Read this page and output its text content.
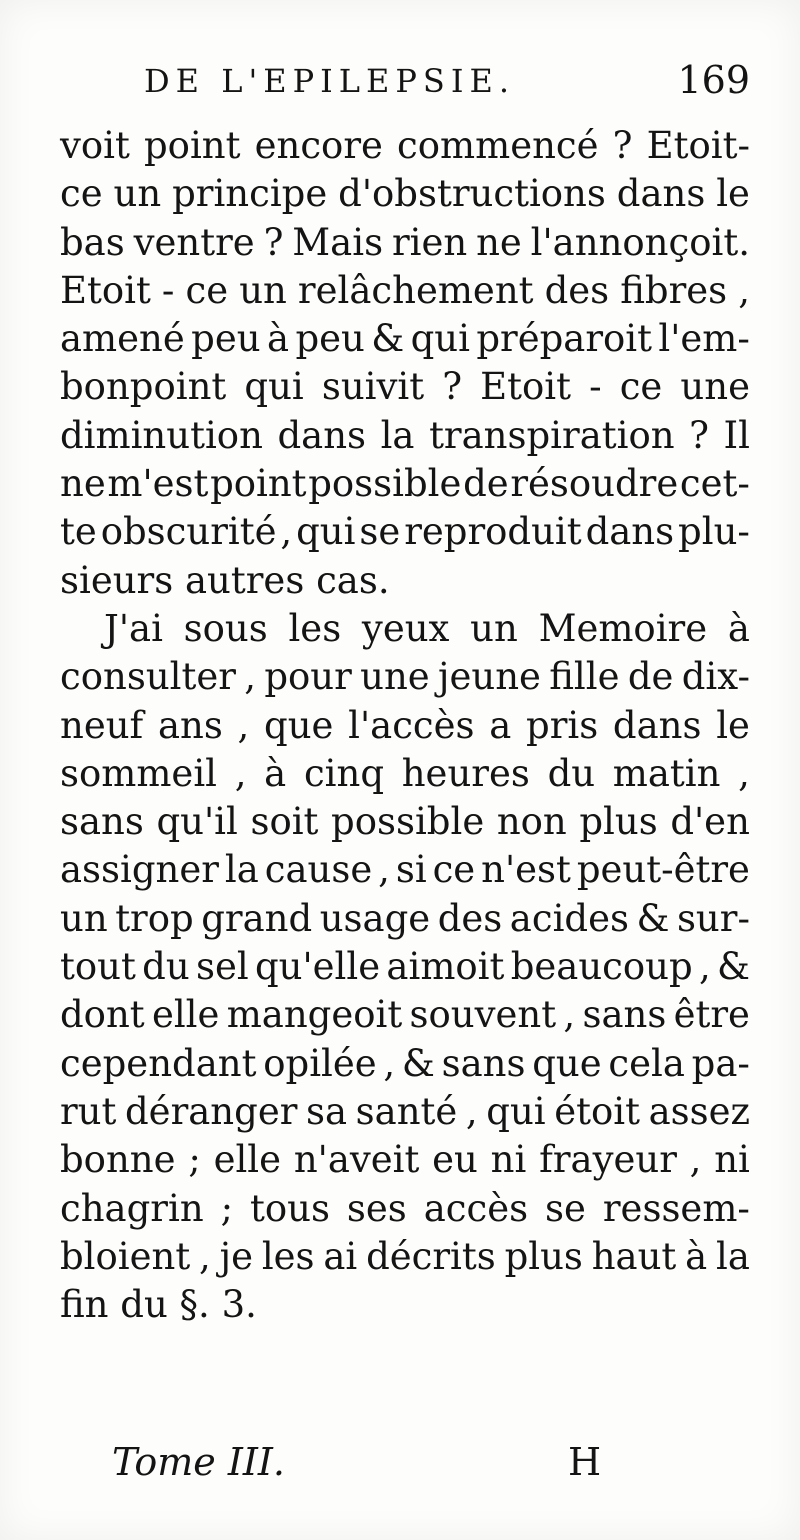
DE L'EPILEPSIE.	169
voit point encore commencé ? Etoit-
ce un principe d'obstructions dans le
bas ventre ? Mais rien ne l'annonçoit.
Etoit - ce un relâchement des fibres ,
amené peu à peu & qui préparoit l'em-
bonpoint qui suivit ? Etoit - ce une
diminution dans la transpiration ? Il
ne m'est point possible de résoudre cet-
te obscurité , qui se reproduit dans plu-
sieurs autres cas.
J'ai sous les yeux un Memoire à
consulter , pour une jeune fille de dix-
neuf ans , que l'accès a pris dans le
sommeil , à cinq heures du matin ,
sans qu'il soit possible non plus d'en
assigner la cause , si ce n'est peut-être
un trop grand usage des acides & sur-
tout du sel qu'elle aimoit beaucoup , &
dont elle mangeoit souvent , sans être
cependant opilée , & sans que cela pa-
rut déranger sa santé , qui étoit assez
bonne ; elle n'aveit eu ni frayeur , ni
chagrin ; tous ses accès se ressem-
bloient , je les ai décrits plus haut à la
fin du §. 3.
Tome III.	H
